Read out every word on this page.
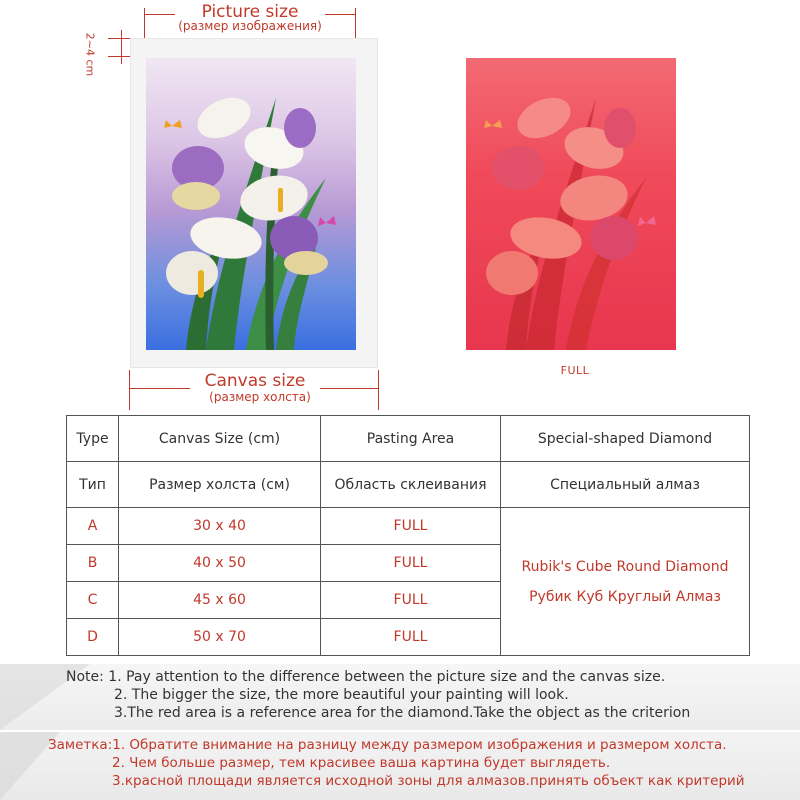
Picture size
(размер изображения)
2~4 cm
Canvas size
(размер холста)
FULL
Type	Canvas Size (cm)	Pasting Area	Special-shaped Diamond
Тип	Размер холста (см)	Область склеивания	Специальный алмаз
A	30 x 40	FULL	Rubik's Cube Round Diamond
Рубик Куб Круглый Алмаз

B	40 x 50	FULL	
C	45 x 60	FULL	
D	50 x 70	FULL	
Note: 1. Pay attention to the difference between the picture size and the canvas size.
2. The bigger the size, the more beautiful your painting will look.
3.The red area is a reference area for the diamond.Take the object as the criterion
Заметка:1. Обратите внимание на разницу между размером изображения и размером холста.
2. Чем больше размер, тем красивее ваша картина будет выглядеть.
3.красной площади является исходной зоны для алмазов.принять объект как критерий
